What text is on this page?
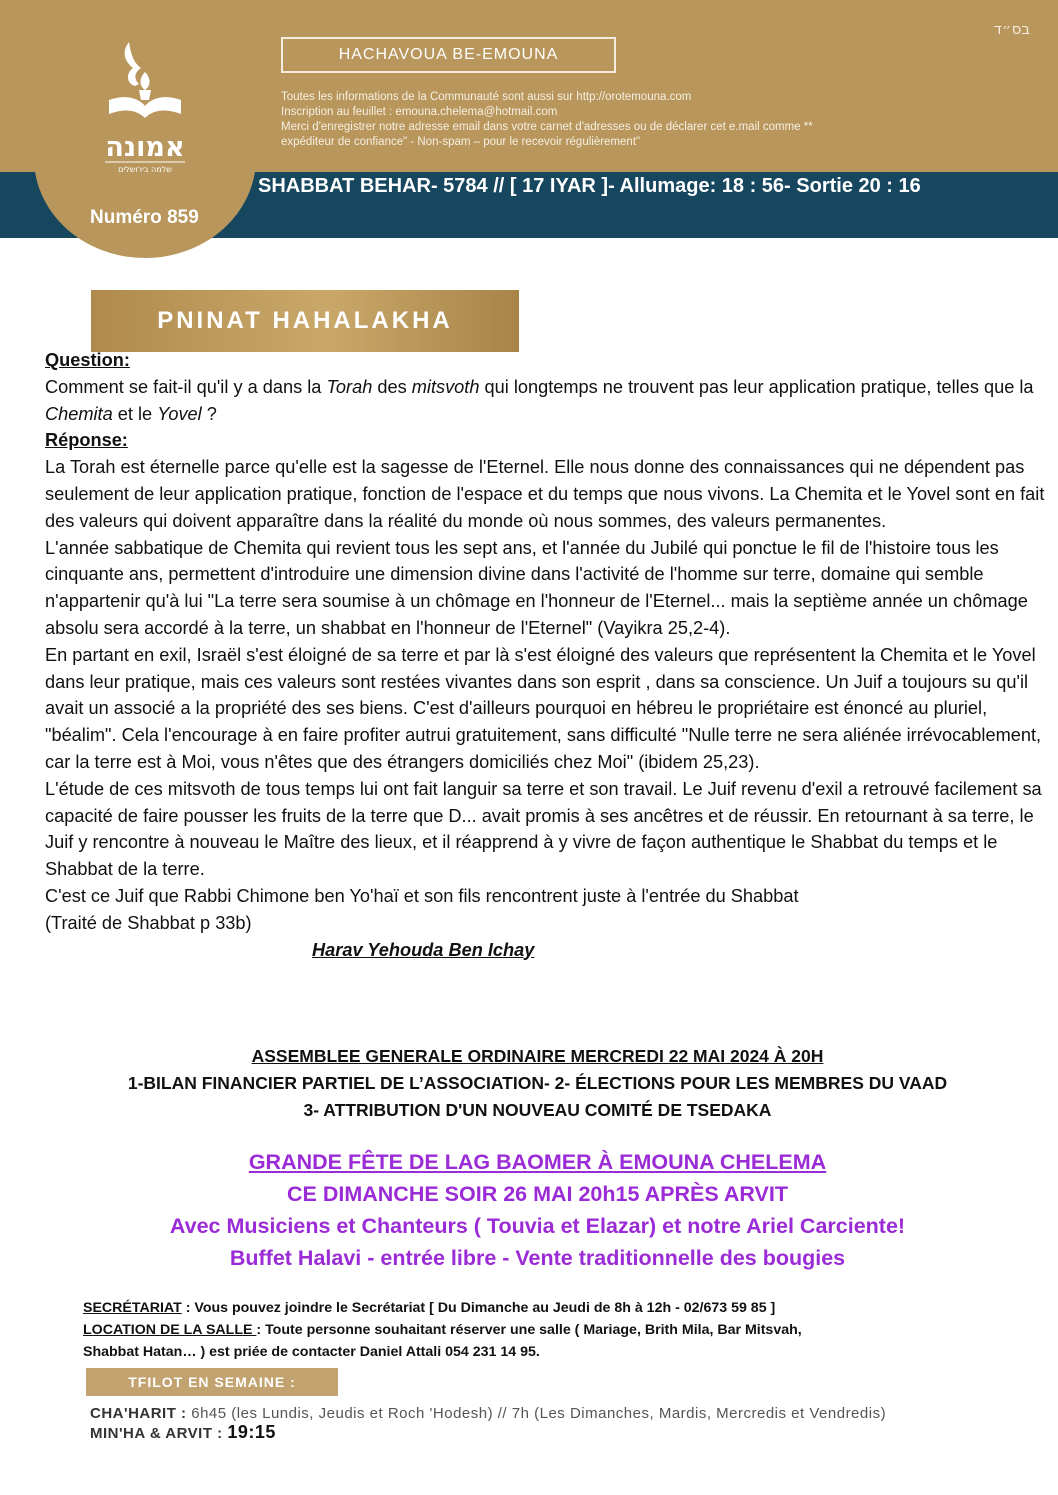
בס״ד
HACHAVOUA BE-EMOUNA
Toutes les informations de la Communauté sont aussi sur http://orotemouna.com
Inscription au feuillet : emouna.chelema@hotmail.com
Merci d'enregistrer notre adresse email dans votre carnet d'adresses ou de déclarer cet e.mail comme **
expéditeur de confiance" - Non-spam – pour le recevoir régulièrement"
SHABBAT BEHAR- 5784 // [ 17 IYAR ]- Allumage: 18 : 56- Sortie 20 : 16
אמונה
שלמה בירושלים
Numéro 859
PNINAT HAHALAKHA

Question:

Comment se fait-il qu'il y a dans la Torah des mitsvoth qui longtemps ne trouvent pas leur application pratique, telles que la Chemita et le Yovel ?

Réponse:

La Torah est éternelle parce qu'elle est la sagesse de l'Eternel. Elle nous donne des connaissances qui ne dépendent pas seulement de leur application pratique, fonction de l'espace et du temps que nous vivons. La Chemita et le Yovel sont en fait des valeurs qui doivent apparaître dans la réalité du monde où nous sommes, des valeurs permanentes.

L'année sabbatique de Chemita qui revient tous les sept ans, et l'année du Jubilé qui ponctue le fil de l'histoire tous les cinquante ans, permettent d'introduire une dimension divine dans l'activité de l'homme sur terre, domaine qui semble n'appartenir qu'à lui "La terre sera soumise à un chômage en l'honneur de l'Eternel... mais la septième année un chômage absolu sera accordé à la terre, un shabbat en l'honneur de l'Eternel" (Vayikra 25,2-4).

En partant en exil, Israël s'est éloigné de sa terre et par là s'est éloigné des valeurs que représentent la Chemita et le Yovel dans leur pratique, mais ces valeurs sont restées vivantes dans son esprit , dans sa conscience. Un Juif a toujours su qu'il avait un associé a la propriété des ses biens. C'est d'ailleurs pourquoi en hébreu le propriétaire est énoncé au pluriel, "béalim". Cela l'encourage à en faire profiter autrui gratuitement, sans difficulté "Nulle terre ne sera aliénée irrévocablement, car la terre est à Moi, vous n'êtes que des étrangers domiciliés chez Moi" (ibidem 25,23).

L'étude de ces mitsvoth de tous temps lui ont fait languir sa terre et son travail. Le Juif revenu d'exil a retrouvé facilement sa capacité de faire pousser les fruits de la terre que D... avait promis à ses ancêtres et de réussir. En retournant à sa terre, le Juif y rencontre à nouveau le Maître des lieux, et il réapprend à y vivre de façon authentique le Shabbat du temps et le Shabbat de la terre.

C'est ce Juif que Rabbi Chimone ben Yo'haï et son fils rencontrent juste à l'entrée du Shabbat

(Traité de Shabbat p 33b)

Harav Yehouda Ben Ichay

ASSEMBLEE GENERALE ORDINAIRE MERCREDI 22 MAI 2024 À 20H
1-BILAN FINANCIER PARTIEL DE L’ASSOCIATION- 2- ÉLECTIONS POUR LES MEMBRES DU VAAD
3- ATTRIBUTION D'UN NOUVEAU COMITÉ DE TSEDAKA
GRANDE FÊTE DE LAG BAOMER À EMOUNA CHELEMA
CE DIMANCHE SOIR 26 MAI 20h15 APRÈS ARVIT
Avec Musiciens et Chanteurs ( Touvia et Elazar) et notre Ariel Carciente!
Buffet Halavi - entrée libre - Vente traditionnelle des bougies
SECRÉTARIAT : Vous pouvez joindre le Secrétariat [ Du Dimanche au Jeudi de 8h à 12h - 02/673 59 85 ]
LOCATION DE LA SALLE : Toute personne souhaitant réserver une salle ( Mariage, Brith Mila, Bar Mitsvah,
Shabbat Hatan… ) est priée de contacter Daniel Attali 054 231 14 95.
TFILOT EN SEMAINE :
CHA'HARIT : 6h45 (les Lundis, Jeudis et Roch 'Hodesh) // 7h (Les Dimanches, Mardis, Mercredis et Vendredis)
MIN'HA & ARVIT : 19:15
